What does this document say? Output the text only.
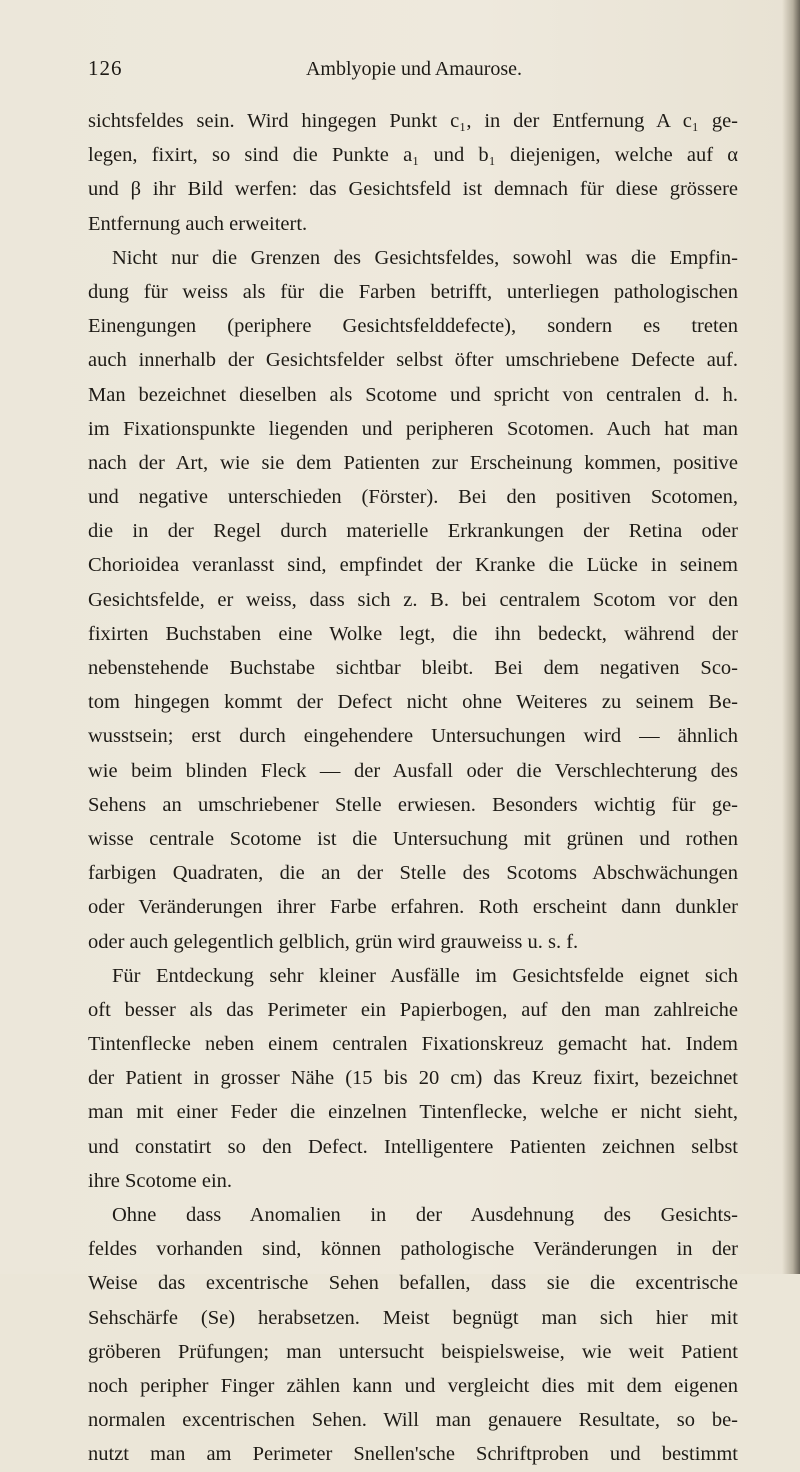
126	Amblyopie und Amaurose.
sichtsfeldes sein. Wird hingegen Punkt c₁, in der Entfernung A c₁ ge-
legen, fixirt, so sind die Punkte a₁ und b₁ diejenigen, welche auf α
und β ihr Bild werfen: das Gesichtsfeld ist demnach für diese grössere
Entfernung auch erweitert.
Nicht nur die Grenzen des Gesichtsfeldes, sowohl was die Empfin-
dung für weiss als für die Farben betrifft, unterliegen pathologischen
Einengungen (periphere Gesichtsfelddefecte), sondern es treten
auch innerhalb der Gesichtsfelder selbst öfter umschriebene Defecte auf.
Man bezeichnet dieselben als Scotome und spricht von centralen d. h.
im Fixationspunkte liegenden und peripheren Scotomen. Auch hat man
nach der Art, wie sie dem Patienten zur Erscheinung kommen, positive
und negative unterschieden (Förster). Bei den positiven Scotomen,
die in der Regel durch materielle Erkrankungen der Retina oder
Chorioidea veranlasst sind, empfindet der Kranke die Lücke in seinem
Gesichtsfelde, er weiss, dass sich z. B. bei centralem Scotom vor den
fixirten Buchstaben eine Wolke legt, die ihn bedeckt, während der
nebenstehende Buchstabe sichtbar bleibt. Bei dem negativen Sco-
tom hingegen kommt der Defect nicht ohne Weiteres zu seinem Be-
wusstsein; erst durch eingehendere Untersuchungen wird — ähnlich
wie beim blinden Fleck — der Ausfall oder die Verschlechterung des
Sehens an umschriebener Stelle erwiesen. Besonders wichtig für ge-
wisse centrale Scotome ist die Untersuchung mit grünen und rothen
farbigen Quadraten, die an der Stelle des Scotoms Abschwächungen
oder Veränderungen ihrer Farbe erfahren. Roth erscheint dann dunkler
oder auch gelegentlich gelblich, grün wird grauweiss u. s. f.
Für Entdeckung sehr kleiner Ausfälle im Gesichtsfelde eignet sich
oft besser als das Perimeter ein Papierbogen, auf den man zahlreiche
Tintenflecke neben einem centralen Fixationskreuz gemacht hat. Indem
der Patient in grosser Nähe (15 bis 20 cm) das Kreuz fixirt, bezeichnet
man mit einer Feder die einzelnen Tintenflecke, welche er nicht sieht,
und constatirt so den Defect. Intelligentere Patienten zeichnen selbst
ihre Scotome ein.
Ohne dass Anomalien in der Ausdehnung des Gesichts-
feldes vorhanden sind, können pathologische Veränderungen in der
Weise das excentrische Sehen befallen, dass sie die excentrische
Sehschärfe (Se) herabsetzen. Meist begnügt man sich hier mit
gröberen Prüfungen; man untersucht beispielsweise, wie weit Patient
noch peripher Finger zählen kann und vergleicht dies mit dem eigenen
normalen excentrischen Sehen. Will man genauere Resultate, so be-
nutzt man am Perimeter Snellen'sche Schriftproben und bestimmt
